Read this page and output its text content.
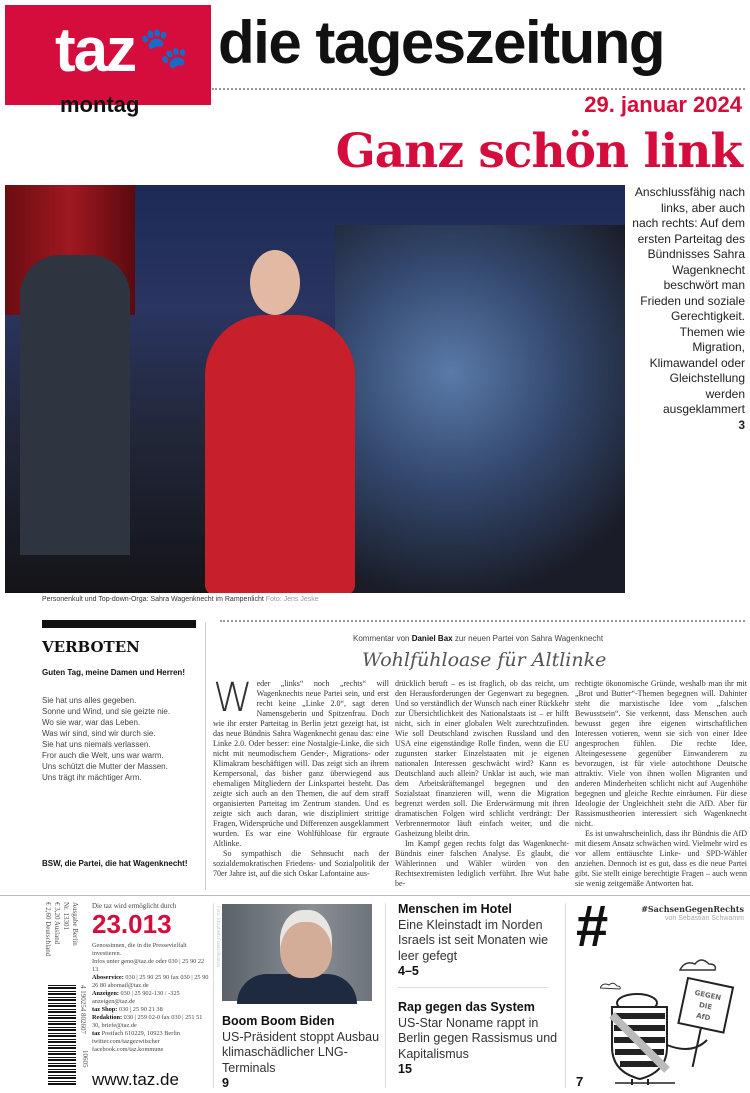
taz 🐾 die tageszeitung
montag	29. januar 2024
Ganz schön link
Personenkult und Top-down-Orga: Sahra Wagenknecht im Rampenlicht Foto: Jens Jeske
Anschlussfähig nach links, aber auch nach rechts: Auf dem ersten Parteitag des Bündnisses Sahra Wagenknecht beschwört man Frieden und soziale Gerechtigkeit. Themen wie Migration, Klimawandel oder Gleichstellung werden ausgeklammert
3
VERBOTEN
Guten Tag, meine Damen und Herren!
Sie hat uns alles gegeben.
Sonne und Wind, und sie geizte nie.
Wo sie war, war das Leben.
Was wir sind, sind wir durch sie.
Sie hat uns niemals verlassen.
Fror auch die Welt, uns war warm.
Uns schützt die Mutter der Massen.
Uns trägt ihr mächtiger Arm.
BSW, die Partei, die hat Wagenknecht!
Kommentar von Daniel Bax zur neuen Partei von Sahra Wagenknecht
Wohlfühloase für Altlinke

Weder „links“ noch „rechts“ will Wagenknechts neue Partei sein, und erst recht keine „Linke 2.0“, sagt deren Namensgeberin und Spitzenfrau. Doch wie ihr erster Parteitag in Berlin jetzt gezeigt hat, ist das neue Bündnis Sahra Wagenknecht genau das: eine Linke 2.0. Oder besser: eine Nostalgie-Linke, die sich nicht mit neumodischem Gender-, Migrations- oder Klimakram beschäftigen will. Das zeigt sich an ihrem Kernpersonal, das bisher ganz überwiegend aus ehemaligen Mitgliedern der Linkspartei besteht. Das zeigte sich auch an den Themen, die auf dem straff organisierten Parteitag im Zentrum standen. Und es zeigte sich auch daran, wie diszipliniert strittige Fragen, Widersprüche und Differenzen ausgeklammert wurden. Es war eine Wohlfühloase für ergraute Altlinke.

So sympathisch die Sehnsucht nach der sozialdemokratischen Friedens- und Sozialpolitik der 70er Jahre ist, auf die sich Oskar Lafontaine aus-

drücklich beruft – es ist fraglich, ob das reicht, um den Herausforderungen der Gegenwart zu begegnen. Und so verständlich der Wunsch nach einer Rückkehr zur Übersichtlichkeit des Nationalstaats ist – er hilft nicht, sich in einer globalen Welt zurechtzufinden. Wie soll Deutschland zwischen Russland und den USA eine eigenständige Rolle finden, wenn die EU zugunsten starker Einzelstaaten mit je eigenen nationalen Interessen geschwächt wird? Kann es Deutschland auch allein? Unklar ist auch, wie man dem Arbeitskräftemangel begegnen und den Sozialstaat finanzieren will, wenn die Migration begrenzt werden soll. Die Erderwärmung mit ihren dramatischen Folgen wird schlicht verdrängt: Der Verbrennermotor läuft einfach weiter, und die Gasheizung bleibt drin.

Im Kampf gegen rechts folgt das Wagenknecht-Bündnis einer falschen Analyse. Es glaubt, die Wählerinnen und Wähler würden von den Rechtsextremisten lediglich verführt. Ihre Wut habe be-

rechtigte ökonomische Gründe, weshalb man ihr mit „Brot und Butter“-Themen begegnen will. Dahinter steht die marxistische Idee vom „falschen Bewusstsein“. Sie verkennt, dass Menschen auch bewusst gegen ihre eigenen wirtschaftlichen Interessen votieren, wenn sie sich von einer Idee angesprochen fühlen. Die rechte Idee, Alteingesessene gegenüber Einwanderern zu bevorzugen, ist für viele autochthone Deutsche attraktiv. Viele von ihnen wollen Migranten und anderen Minderheiten schlicht nicht auf Augenhöhe begegnen und gleiche Rechte einräumen. Für diese Ideologie der Ungleichheit steht die AfD. Aber für Rassismustheorien interessiert sich Wagenknecht nicht.

Es ist unwahrscheinlich, dass ihr Bündnis die AfD mit diesem Ansatz schwächen wird. Vielmehr wird es vor allem enttäuschte Linke- und SPD-Wähler anziehen. Dennoch ist es gut, dass es die neue Partei gibt. Sie stellt einige berechtigte Fragen – auch wenn sie wenig zeitgemäße Antworten hat.

Ausgabe Berlin
Nr. 13301
€ 3,20 Ausland
€ 2,60 Deutschland
4 190254 802607
10605
Die taz wird ermöglicht durch
23.013
Genossinnen, die in die Pressevielfalt investieren.
Infos unter geno@taz.de oder 030 | 25 90 22 13
Aboservice: 030 | 25 90 25 90 fax 030 | 25 90 26 80 abomail@taz.de
Anzeigen: 030 | 25 902-130 / -325 anzeigen@taz.de
taz Shop: 030 | 25 90 21 38
Redaktion: 030 | 259 02-0 fax 030 | 251 51 30, briefe@taz.de
taz Postfach 610229, 10923 Berlin twitter.com/tazgezwitscher facebook.com/taz.kommune
www.taz.de
Foto: Elizabeth Frantz/Reuters
Boom Boom Biden
US-Präsident stoppt Ausbau klimaschädlicher LNG-Terminals
9
Menschen im Hotel
Eine Kleinstadt im Norden Israels ist seit Monaten wie leer gefegt
4–5
Rap gegen das System
US-Star Noname rappt in Berlin gegen Rassismus und Kapitalismus
15
#	#SachsenGegenRechts
von Sebastian Schwamm
GEGEN
DIE
AfD
7
